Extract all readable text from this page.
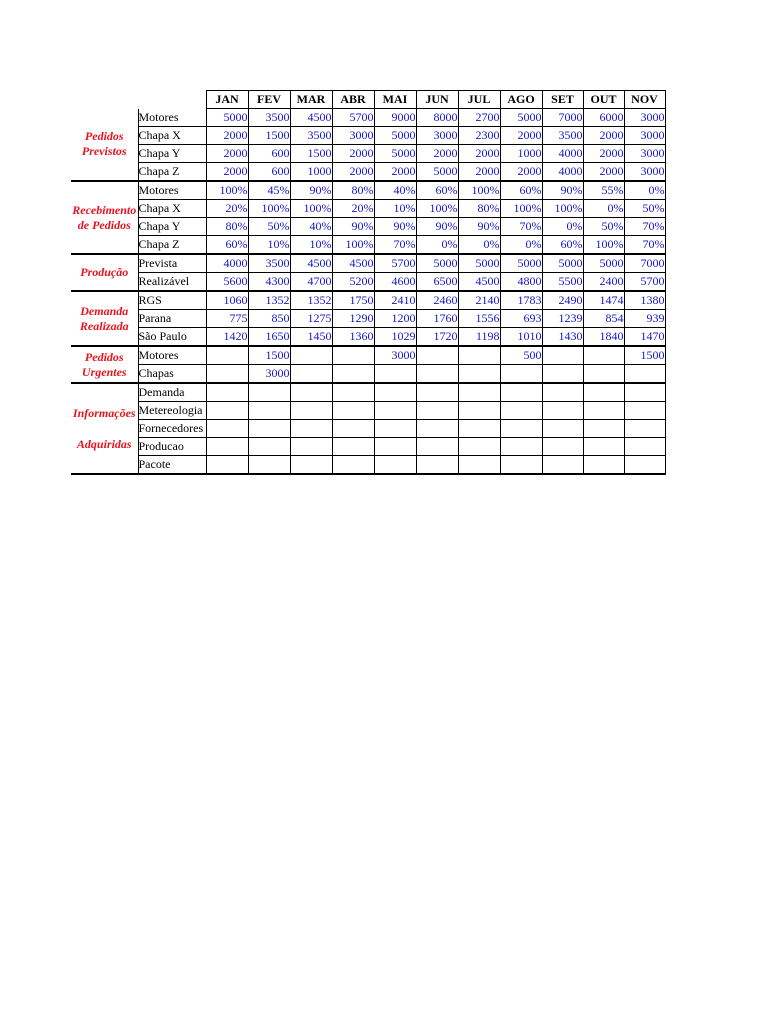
		JAN	FEV	MAR	ABR	MAI	JUN	JUL	AGO	SET	OUT	NOV

Pedidos
Previstos	Motores	5000	3500	4500	5700	9000	8000	2700	5000	7000	6000	3000
	Chapa X	2000	1500	3500	3000	5000	3000	2300	2000	3500	2000	3000
	Chapa Y	2000	600	1500	2000	5000	2000	2000	1000	4000	2000	3000
	Chapa Z	2000	600	1000	2000	2000	5000	2000	2000	4000	2000	3000

Recebimento
de Pedidos	Motores	100%	45%	90%	80%	40%	60%	100%	60%	90%	55%	0%
	Chapa X	20%	100%	100%	20%	10%	100%	80%	100%	100%	0%	50%
	Chapa Y	80%	50%	40%	90%	90%	90%	90%	70%	0%	50%	70%
	Chapa Z	60%	10%	10%	100%	70%	0%	0%	0%	60%	100%	70%

Produção	Prevista	4000	3500	4500	4500	5700	5000	5000	5000	5000	5000	7000
	Realizável	5600	4300	4700	5200	4600	6500	4500	4800	5500	2400	5700

Demanda
Realizada	RGS	1060	1352	1352	1750	2410	2460	2140	1783	2490	1474	1380
	Parana	775	850	1275	1290	1200	1760	1556	693	1239	854	939
	São Paulo	1420	1650	1450	1360	1029	1720	1198	1010	1430	1840	1470

Pedidos
Urgentes	Motores		1500			3000			500			1500
	Chapas		3000									

Informações
Adquiridas	Demanda											
	Metereologia											
	Fornecedores											
	Producao											
	Pacote											
